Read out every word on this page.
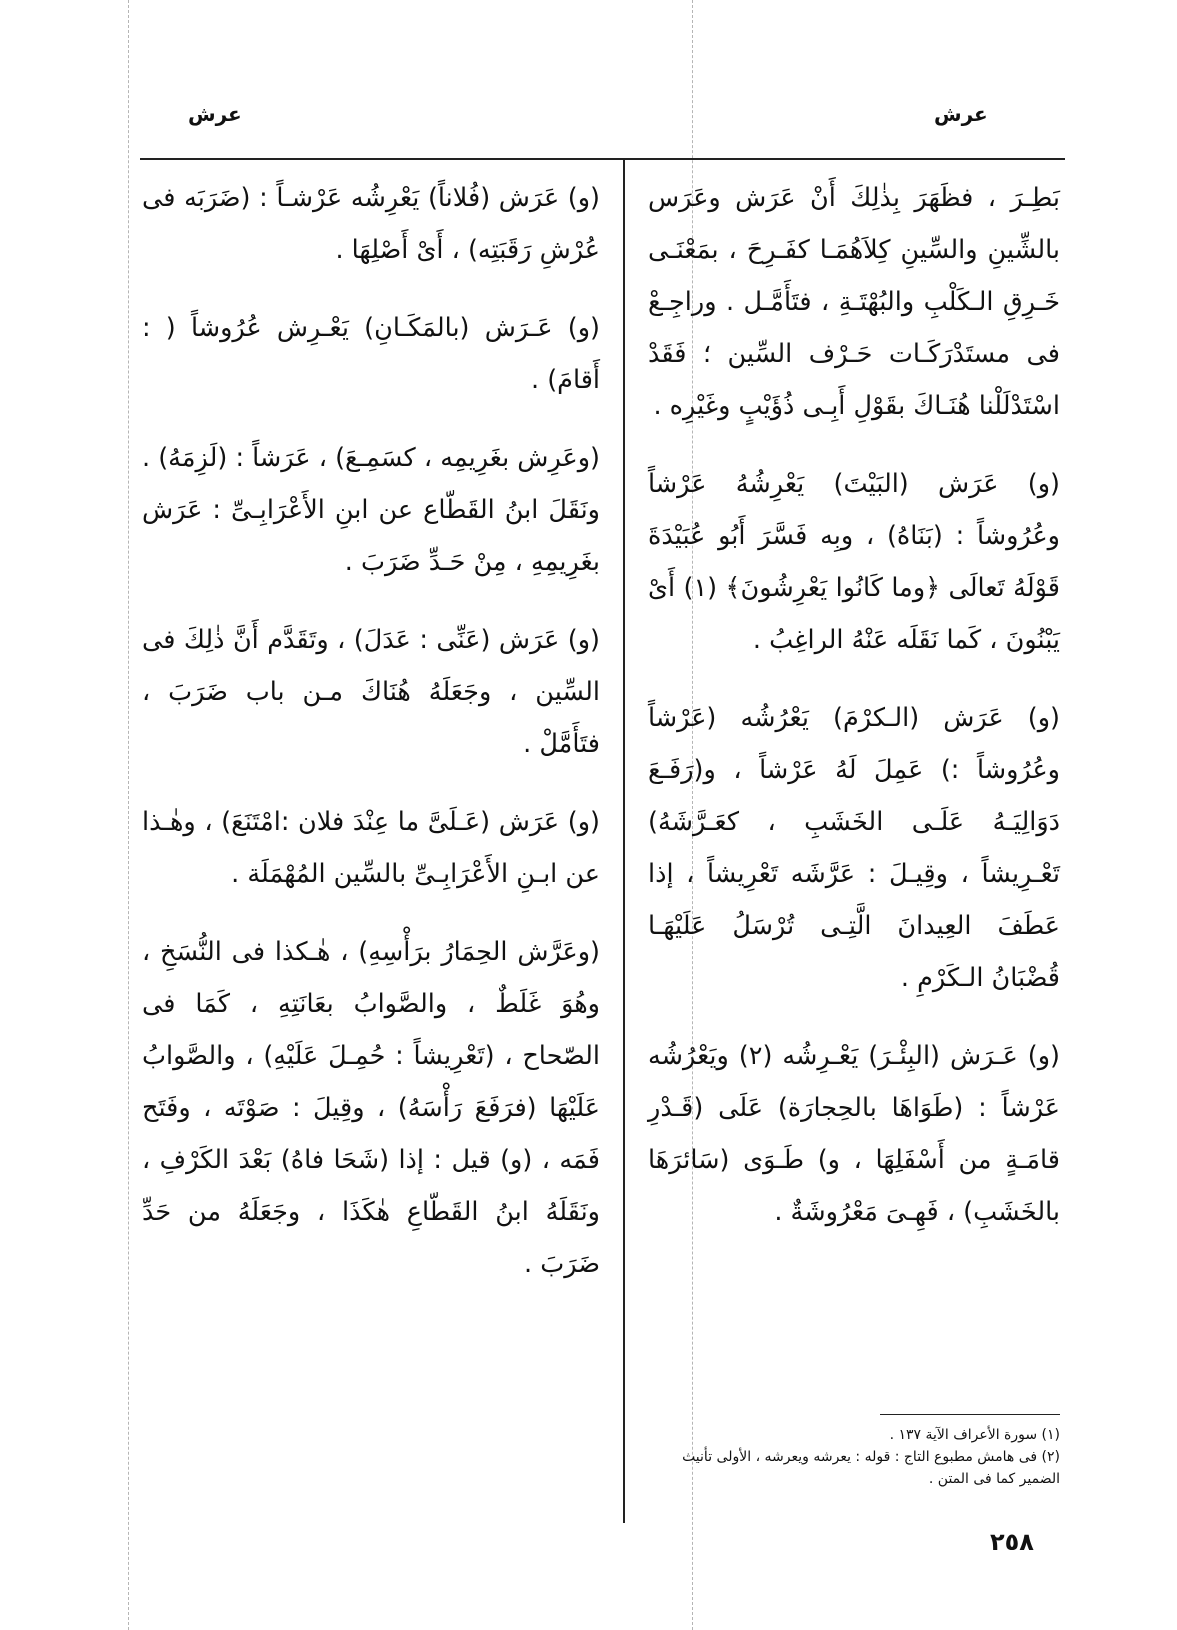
عرش
عرش

بَطِـرَ ، فظَهَرَ بِذٰلِكَ أَنْ عَرَش وعَرَس بالشِّينِ والسِّينِ كِلاَهُمَـا كفَـرِحَ ، بمَعْنَـى خَـرِقِ الـكَلْبِ والبُهْتَـةِ ، فتَأَمَّـل . وراجِـعْ فى مستَدْرَكَـات حَـرْف السِّين ؛ فَقَدْ اسْتَدْلَلْنا هُنَـاكَ بقَوْلِ أَبِـى ذُؤَيْبٍ وغَيْرِه .

(و) عَرَش (البَيْتَ) يَعْرِشُهُ عَرْشاً وعُرُوشاً : (بَنَاهُ) ، وبِه فَسَّرَ أَبُو عُبَيْدَةَ قَوْلَهُ تَعالَى ﴿وما كَانُوا يَعْرِشُونَ﴾ (١) أَىْ يَبْنُونَ ، كَما نَقَلَه عَنْهُ الراغِبُ .

(و) عَرَش (الـكرْمَ) يَعْرُشُه (عَرْشاً وعُرُوشاً :) عَمِلَ لَهُ عَرْشاً ، و(رَفَـعَ دَوَالِيَـهُ عَلَـى الخَشَبِ ، كعَـرَّشَهُ) تَعْـرِيشاً ، وقِيـلَ : عَرَّشَه تَعْرِيشاً ، إذا عَطَفَ العِيدانَ الَّتِـى تُرْسَلُ عَلَيْهَـا قُضْبَانُ الـكَرْمِ .

(و) عَـرَش (البِئْـرَ) يَعْـرِشُه (٢) ويَعْرُشُه عَرْشاً : (طَوَاهَا بالحِجارَة) عَلَى (قَـدْرِ قامَـةٍ من أَسْفَلِهَا ، و) طَـوَى (سَائرَهَا بالخَشَبِ) ، فَهِـىَ مَعْرُوشَةٌ .

(و) عَرَش (فُلاناً) يَعْرِشُه عَرْشـاً : (ضَرَبَه فى عُرْشِ رَقَبَتِه) ، أَىْ أَصْلِهَا .

(و) عَـرَش (بالمَكَـانِ) يَعْـرِش عُرُوشاً ( : أَقامَ) .

(وعَرِش بغَرِيمِه ، كسَمِـعَ) ، عَرَشاً : (لَزِمَهُ) . ونَقَلَ ابنُ القَطّاع عن ابنِ الأَعْرَابِـىِّ : عَرَش بغَرِيمِهِ ، مِنْ حَـدِّ ضَرَبَ .

(و) عَرَش (عَنِّى : عَدَلَ) ، وتَقَدَّم أَنَّ ذٰلِكَ فى السِّين ، وجَعَلَهُ هُنَاكَ مـن باب ضَرَبَ ، فتَأَمَّلْ .

(و) عَرَش (عَـلَىَّ ما عِنْدَ فلان :امْتَنَعَ) ، وهٰـذا عن ابـنِ الأَعْرَابِـىِّ بالسِّين المُهْمَلَة .

(وعَرَّش الحِمَارُ برَأْسِهِ) ، هٰـكذا فى النُّسَخِ ، وهُوَ غَلَطٌ ، والصَّوابُ بعَانَتِهِ ، كَمَا فى الصّحاح ، (تَعْرِيشاً : حُمِـلَ عَلَيْهِ) ، والصَّوابُ عَلَيْهَا (فرَفَعَ رَأْسَهُ) ، وقِيلَ : صَوْتَه ، وفَتَح فَمَه ، (و) قيل : إذا (شَحَا فاهُ) بَعْدَ الكَرْفِ ، ونَقَلَهُ ابنُ القَطّاعِ هٰكَذَا ، وجَعَلَهُ من حَدِّ ضَرَبَ .

(١) سورة الأعراف الآية ١٣٧ .
(٢) فى هامش مطبوع التاج : قوله : يعرشه ويعرشه ، الأولى تأنيث الضمير كما فى المتن .
٢٥٨
